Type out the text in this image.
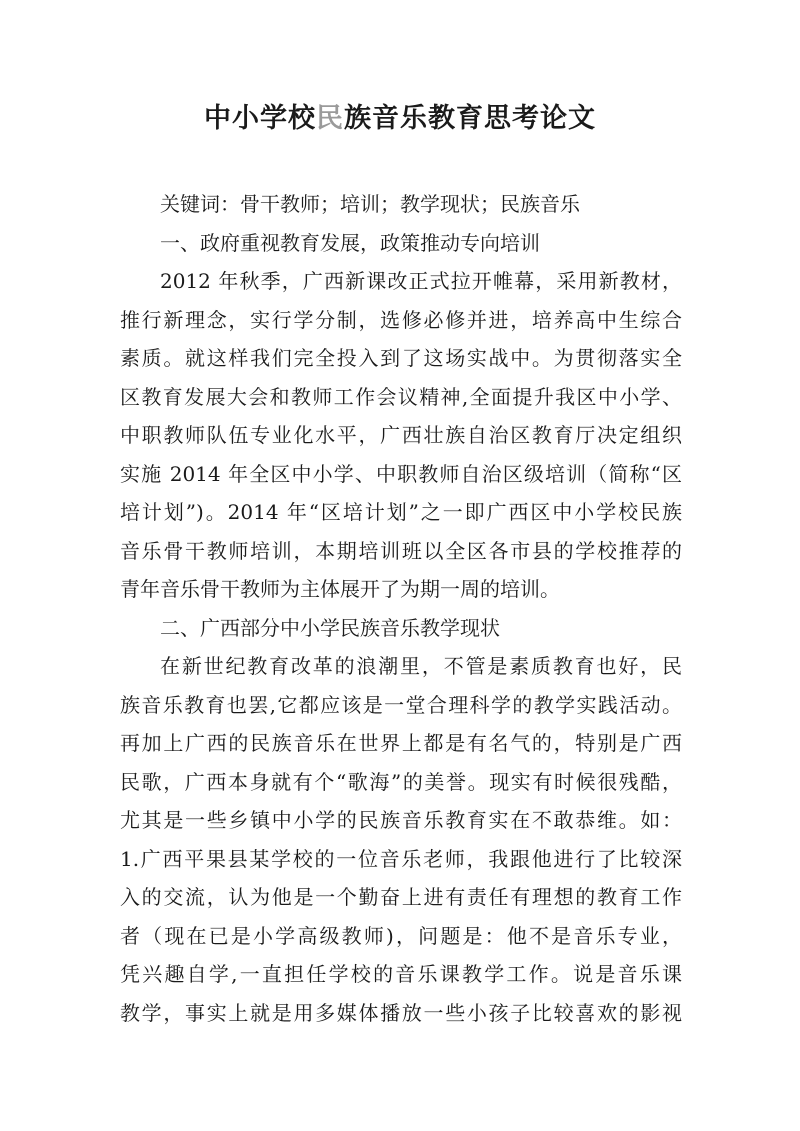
中小学校民族音乐教育思考论文
关键词：骨干教师；培训；教学现状；民族音乐
一、政府重视教育发展，政策推动专向培训
2012 年秋季，广西新课改正式拉开帷幕，采用新教材，
推行新理念，实行学分制，选修必修并进，培养高中生综合
素质。就这样我们完全投入到了这场实战中。为贯彻落实全
区教育发展大会和教师工作会议精神,全面提升我区中小学、
中职教师队伍专业化水平，广西壮族自治区教育厅决定组织
实施 2014 年全区中小学、中职教师自治区级培训（简称“区
培计划”)。2014 年“区培计划”之一即广西区中小学校民族
音乐骨干教师培训，本期培训班以全区各市县的学校推荐的
青年音乐骨干教师为主体展开了为期一周的培训。
二、广西部分中小学民族音乐教学现状
在新世纪教育改革的浪潮里，不管是素质教育也好，民
族音乐教育也罢,它都应该是一堂合理科学的教学实践活动。
再加上广西的民族音乐在世界上都是有名气的，特别是广西
民歌，广西本身就有个“歌海”的美誉。现实有时候很残酷，
尤其是一些乡镇中小学的民族音乐教育实在不敢恭维。如：
1.广西平果县某学校的一位音乐老师，我跟他进行了比较深
入的交流，认为他是一个勤奋上进有责任有理想的教育工作
者（现在已是小学高级教师)，问题是：他不是音乐专业，
凭兴趣自学,一直担任学校的音乐课教学工作。说是音乐课
教学，事实上就是用多媒体播放一些小孩子比较喜欢的影视
